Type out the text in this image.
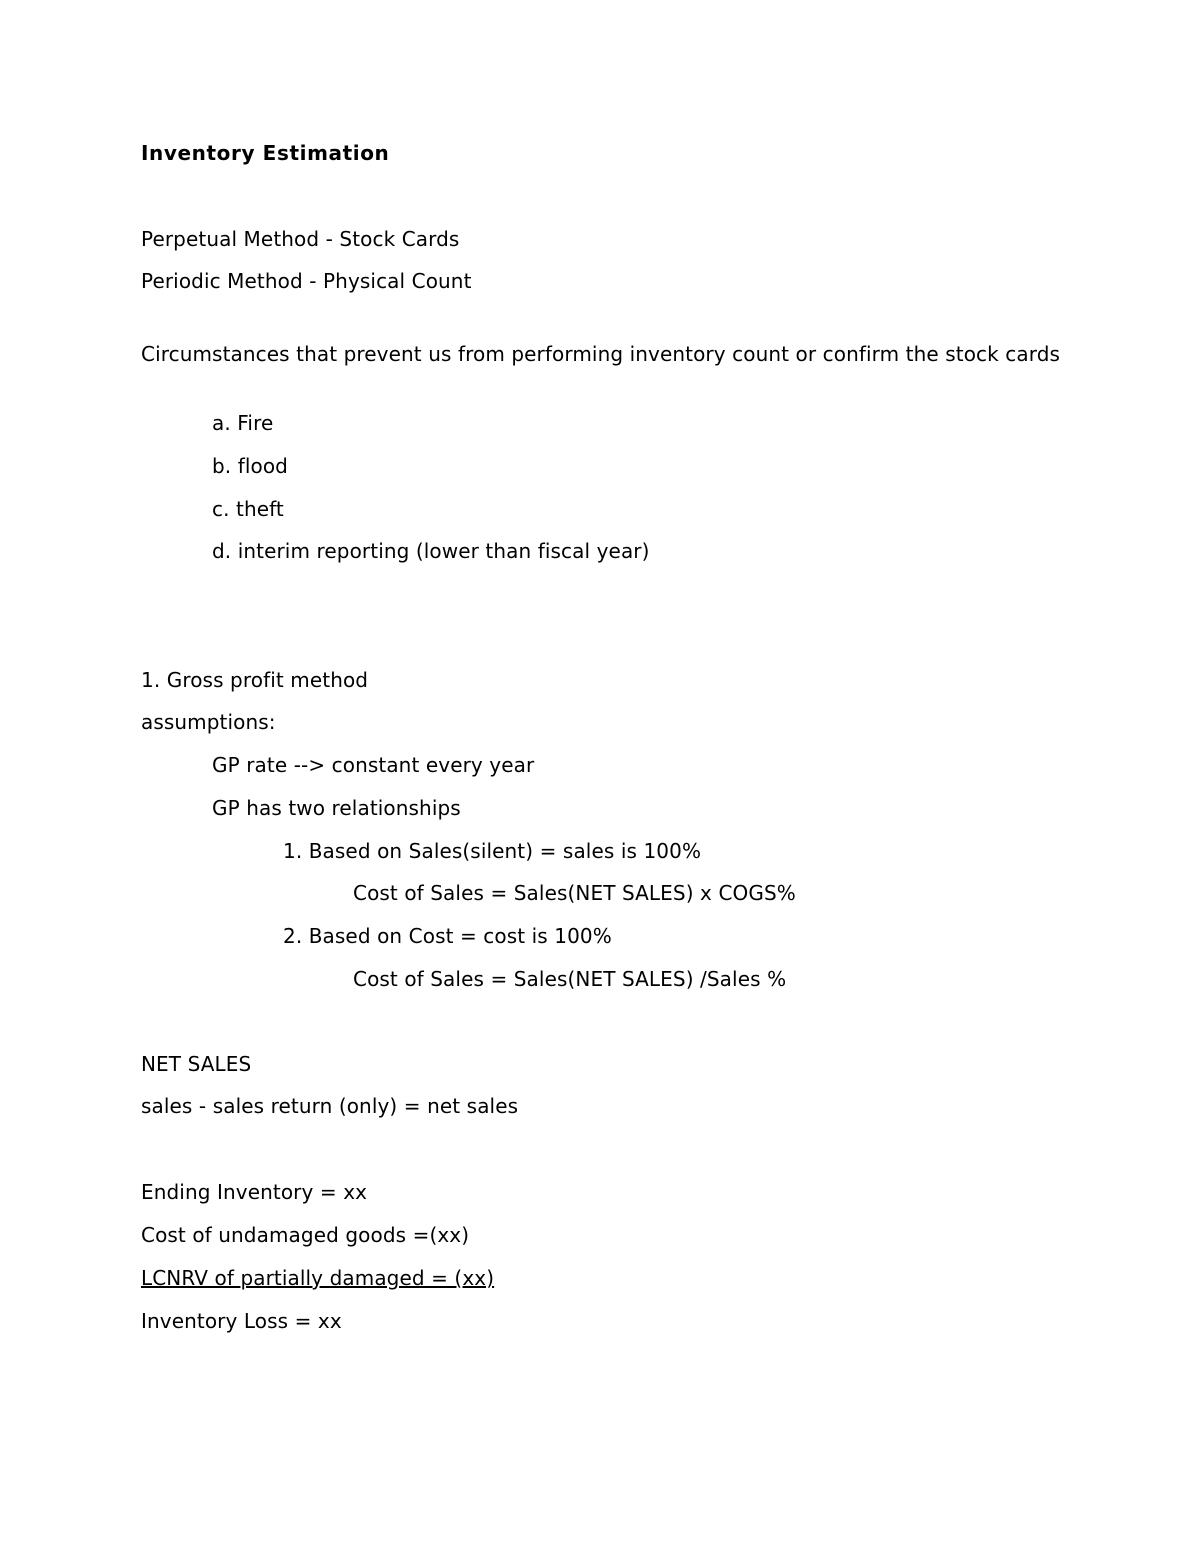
Inventory Estimation
Perpetual Method - Stock Cards
Periodic Method - Physical Count
Circumstances that prevent us from performing inventory count or confirm the stock cards
a. Fire
b. flood
c. theft
d. interim reporting (lower than fiscal year)
1. Gross profit method
assumptions:
GP rate --> constant every year
GP has two relationships
1. Based on Sales(silent) = sales is 100%
Cost of Sales = Sales(NET SALES) x COGS%
2. Based on Cost = cost is 100%
Cost of Sales = Sales(NET SALES) /Sales %
NET SALES
sales - sales return (only) = net sales
Ending Inventory = xx
Cost of undamaged goods =(xx)
LCNRV of partially damaged = (xx)
Inventory Loss = xx
